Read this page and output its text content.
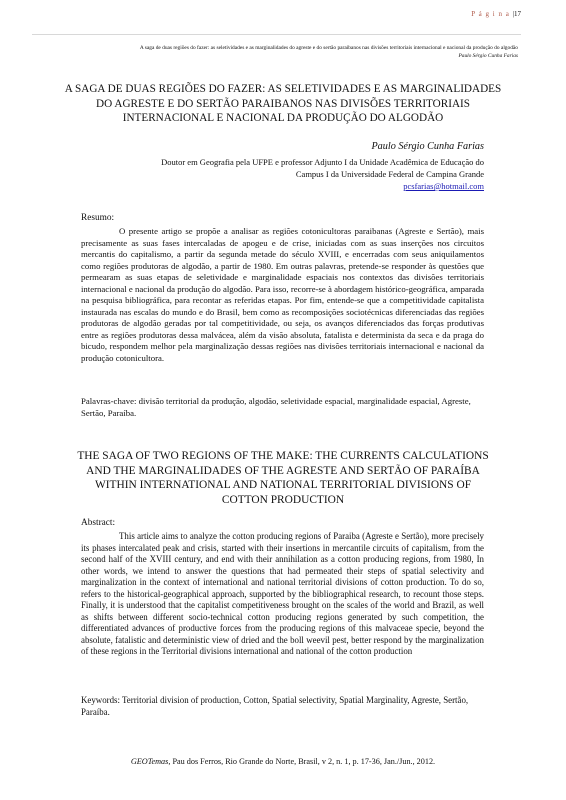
P á g i n a |17
A saga de duas regiões do fazer: as seletividades e as marginalidades do agreste e do sertão paraibanos nas divisões territoriais internacional e nacional da produção do algodão
Paulo Sérgio Cunha Farias
A SAGA DE DUAS REGIÕES DO FAZER: AS SELETIVIDADES E AS MARGINALIDADES DO AGRESTE E DO SERTÃO PARAIBANOS NAS DIVISÕES TERRITORIAIS INTERNACIONAL E NACIONAL DA PRODUÇÃO DO ALGODÃO
Paulo Sérgio Cunha Farias
Doutor em Geografia pela UFPE e professor Adjunto I da Unidade Acadêmica de Educação do Campus I da Universidade Federal de Campina Grande
pcsfarias@hotmail.com
Resumo:

O presente artigo se propõe a analisar as regiões cotonicultoras paraibanas (Agreste e Sertão), mais precisamente as suas fases intercaladas de apogeu e de crise, iniciadas com as suas inserções nos circuitos mercantis do capitalismo, a partir da segunda metade do século XVIII, e encerradas com seus aniquilamentos como regiões produtoras de algodão, a partir de 1980. Em outras palavras, pretende-se responder às questões que permearam as suas etapas de seletividade e marginalidade espaciais nos contextos das divisões territoriais internacional e nacional da produção do algodão. Para isso, recorre-se à abordagem histórico-geográfica, amparada na pesquisa bibliográfica, para recontar as referidas etapas. Por fim, entende-se que a competitividade capitalista instaurada nas escalas do mundo e do Brasil, bem como as recomposições sociotécnicas diferenciadas das regiões produtoras de algodão geradas por tal competitividade, ou seja, os avanços diferenciados das forças produtivas entre as regiões produtoras dessa malvácea, além da visão absoluta, fatalista e determinista da seca e da praga do bicudo, respondem melhor pela marginalização dessas regiões nas divisões territoriais internacional e nacional da produção cotonicultora.

Palavras-chave: divisão territorial da produção, algodão, seletividade espacial, marginalidade espacial, Agreste, Sertão, Paraíba.

THE SAGA OF TWO REGIONS OF THE MAKE: THE CURRENTS CALCULATIONS AND THE MARGINALIDADES OF THE AGRESTE AND SERTÃO OF PARAÍBA WITHIN INTERNATIONAL AND NATIONAL TERRITORIAL DIVISIONS OF COTTON PRODUCTION
Abstract:

This article aims to analyze the cotton producing regions of Paraiba (Agreste e Sertão), more precisely its phases intercalated peak and crisis, started with their insertions in mercantile circuits of capitalism, from the second half of the XVIII century, and end with their annihilation as a cotton producing regions, from 1980, In other words, we intend to answer the questions that had permeated their steps of spatial selectivity and marginalization in the context of international and national territorial divisions of cotton production. To do so, refers to the historical-geographical approach, supported by the bibliographical research, to recount those steps. Finally, it is understood that the capitalist competitiveness brought on the scales of the world and Brazil, as well as shifts between different socio-technical cotton producing regions generated by such competition, the differentiated advances of productive forces from the producing regions of this malvaceae specie, beyond the absolute, fatalistic and deterministic view of dried and the boll weevil pest, better respond by the marginalization of these regions in the Territorial divisions international and national of the cotton production

Keywords: Territorial division of production, Cotton, Spatial selectivity, Spatial Marginality, Agreste, Sertão, Paraíba.

GEOTemas, Pau dos Ferros, Rio Grande do Norte, Brasil, v 2, n. 1, p. 17-36, Jan./Jun., 2012.
